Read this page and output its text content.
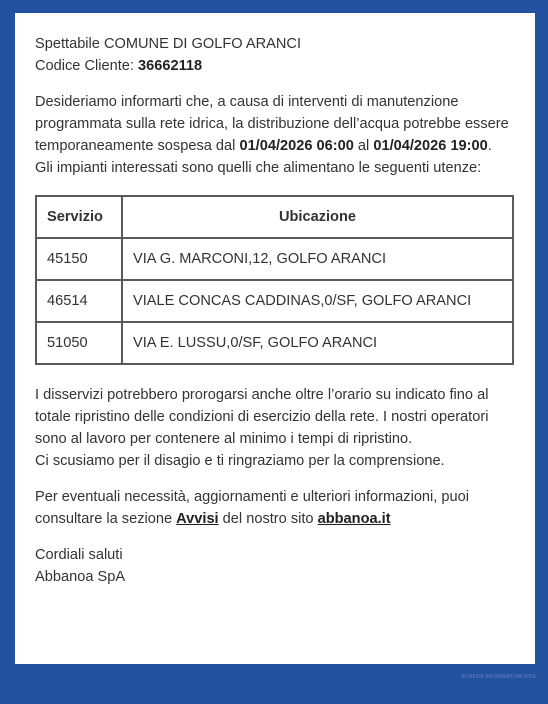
Spettabile COMUNE DI GOLFO ARANCI
Codice Cliente: 36662118

Desideriamo informarti che, a causa di interventi di manutenzione programmata sulla rete idrica, la distribuzione dell’acqua potrebbe essere temporaneamente sospesa dal 01/04/2026 06:00 al 01/04/2026 19:00.
Gli impianti interessati sono quelli che alimentano le seguenti utenze:

Servizio	Ubicazione
45150	VIA G. MARCONI,12, GOLFO ARANCI
46514	VIALE CONCAS CADDINAS,0/SF, GOLFO ARANCI
51050	VIA E. LUSSU,0/SF, GOLFO ARANCI

I disservizi potrebbero prorogarsi anche oltre l’orario su indicato fino al totale ripristino delle condizioni di esercizio della rete. I nostri operatori sono al lavoro per contenere al minimo i tempi di ripristino.
Ci scusiamo per il disagio e ti ringraziamo per la comprensione.

Per eventuali necessità, aggiornamenti e ulteriori informazioni, puoi consultare la sezione Avvisi del nostro sito abbanoa.it

Cordiali saluti
Abbanoa SpA

SCHEDA INFORMATIVA INTE
